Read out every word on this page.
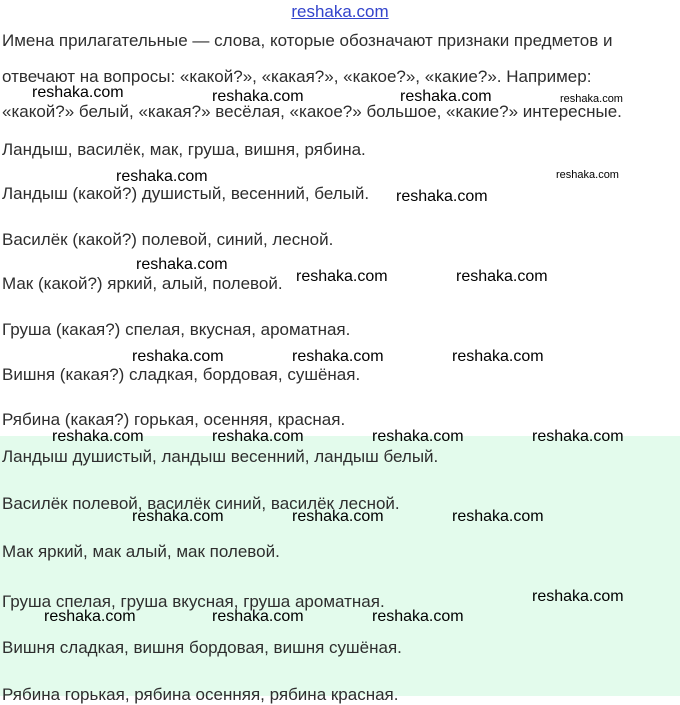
reshaka.com
Имена прилагательные — слова, которые обозначают признаки предметов и
отвечают на вопросы: «какой?», «какая?», «какое?», «какие?». Например:
«какой?» белый, «какая?» весёлая, «какое?» большое, «какие?» интересные.
Ландыш, василёк, мак, груша, вишня, рябина.
Ландыш (какой?) душистый, весенний, белый.
Василёк (какой?) полевой, синий, лесной.
Мак (какой?) яркий, алый, полевой.
Груша (какая?) спелая, вкусная, ароматная.
Вишня (какая?) сладкая, бордовая, сушёная.
Рябина (какая?) горькая, осенняя, красная.
Ландыш душистый, ландыш весенний, ландыш белый.
Василёк полевой, василёк синий, василёк лесной.
Мак яркий, мак алый, мак полевой.
Груша спелая, груша вкусная, груша ароматная.
Вишня сладкая, вишня бордовая, вишня сушёная.
Рябина горькая, рябина осенняя, рябина красная.
reshaka.com	reshaka.com	reshaka.com	reshaka.com
reshaka.com	reshaka.com
reshaka.com
reshaka.com
reshaka.com	reshaka.com
reshaka.com	reshaka.com	reshaka.com
reshaka.com	reshaka.com	reshaka.com	reshaka.com
reshaka.com	reshaka.com	reshaka.com
reshaka.com
reshaka.com	reshaka.com	reshaka.com
